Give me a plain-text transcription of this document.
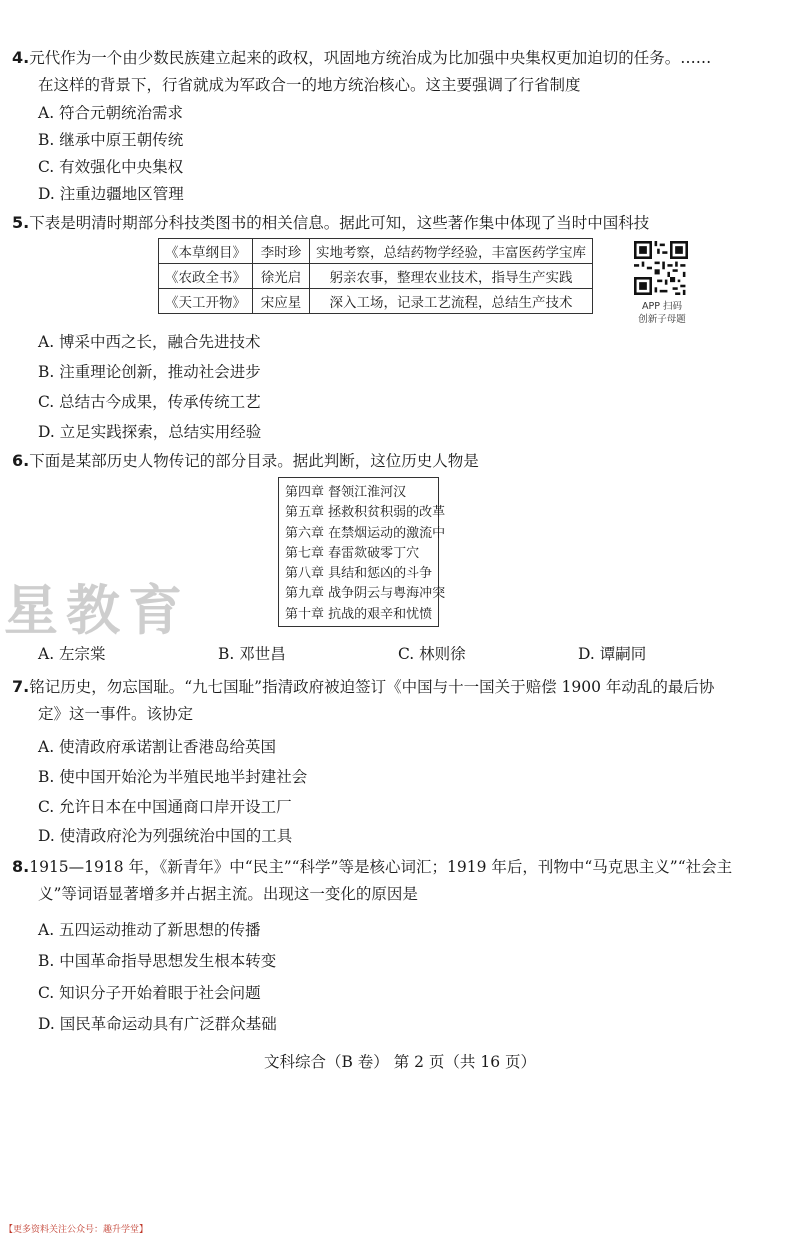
4.元代作为一个由少数民族建立起来的政权，巩固地方统治成为比加强中央集权更加迫切的任务。……
在这样的背景下，行省就成为军政合一的地方统治核心。这主要强调了行省制度
A. 符合元朝统治需求
B. 继承中原王朝传统
C. 有效强化中央集权
D. 注重边疆地区管理
5.下表是明清时期部分科技类图书的相关信息。据此可知，这些著作集中体现了当时中国科技
《本草纲目》	李时珍	实地考察，总结药物学经验，丰富医药学宝库
《农政全书》	徐光启	躬亲农事，整理农业技术，指导生产实践
《天工开物》	宋应星	深入工场，记录工艺流程，总结生产技术	APP 扫码
创新子母题
A. 博采中西之长，融合先进技术
B. 注重理论创新，推动社会进步
C. 总结古今成果，传承传统工艺
D. 立足实践探索，总结实用经验
6.下面是某部历史人物传记的部分目录。据此判断，这位历史人物是
第四章 督领江淮河汉
第五章 拯救积贫积弱的改革
第六章 在禁烟运动的激流中
第七章 春雷欻破零丁穴
第八章 具结和惩凶的斗争
第九章 战争阴云与粤海冲突
第十章 抗战的艰辛和忧愤
星教育
A. 左宗棠	B. 邓世昌	C. 林则徐	D. 谭嗣同
7.铭记历史，勿忘国耻。“九七国耻”指清政府被迫签订《中国与十一国关于赔偿 1900 年动乱的最后协
定》这一事件。该协定
A. 使清政府承诺割让香港岛给英国
B. 使中国开始沦为半殖民地半封建社会
C. 允许日本在中国通商口岸开设工厂
D. 使清政府沦为列强统治中国的工具
8.1915—1918 年，《新青年》中“民主”“科学”等是核心词汇；1919 年后，刊物中“马克思主义”“社会主
义”等词语显著增多并占据主流。出现这一变化的原因是
A. 五四运动推动了新思想的传播
B. 中国革命指导思想发生根本转变
C. 知识分子开始着眼于社会问题
D. 国民革命运动具有广泛群众基础
文科综合（B 卷） 第 2 页（共 16 页）
【更多资料关注公众号：趣升学堂】
